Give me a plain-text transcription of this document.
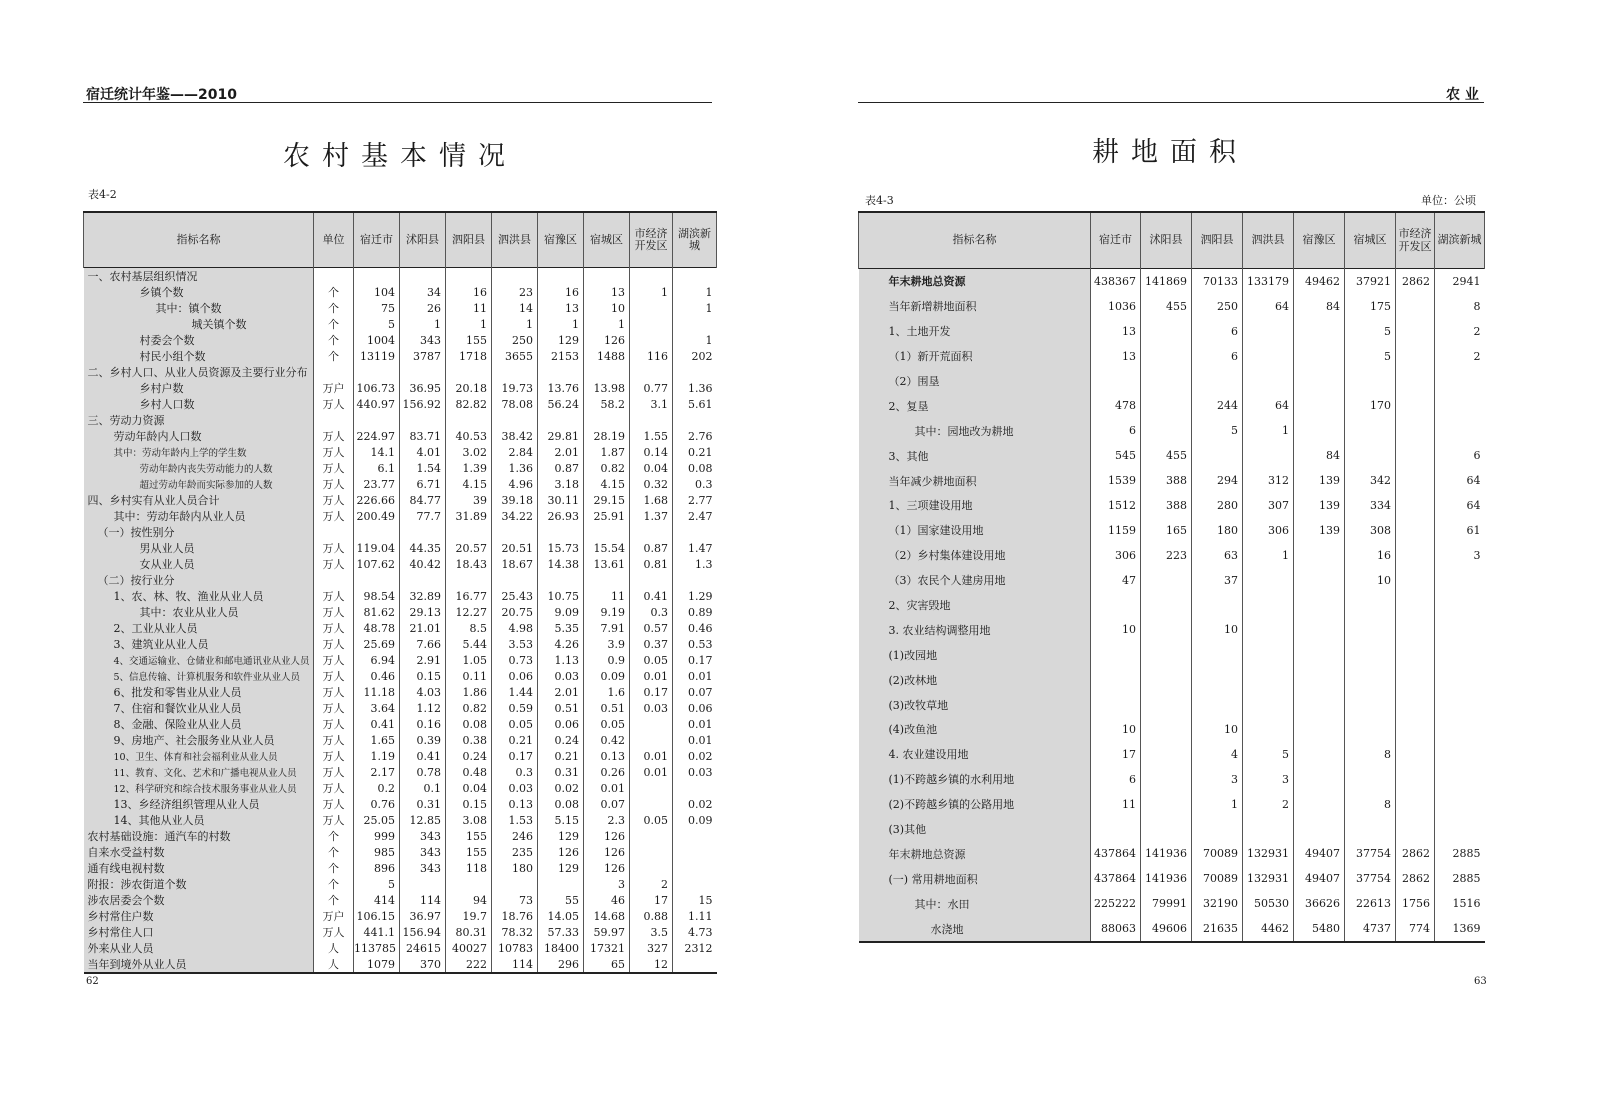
宿迁统计年鉴——2010
农村基本情况
表4-2
指标名称	单位	宿迁市	沭阳县	泗阳县	泗洪县	宿豫区	宿城区	市经济开发区	湖滨新城
一、农村基层组织情况									
乡镇个数	个	104	34	16	23	16	13	1	1
其中：镇个数	个	75	26	11	14	13	10		1
城关镇个数	个	5	1	1	1	1	1		
村委会个数	个	1004	343	155	250	129	126		1
村民小组个数	个	13119	3787	1718	3655	2153	1488	116	202
二、乡村人口、从业人员资源及主要行业分布									
乡村户数	万户	106.73	36.95	20.18	19.73	13.76	13.98	0.77	1.36
乡村人口数	万人	440.97	156.92	82.82	78.08	56.24	58.2	3.1	5.61
三、劳动力资源									
劳动年龄内人口数	万人	224.97	83.71	40.53	38.42	29.81	28.19	1.55	2.76
其中：劳动年龄内上学的学生数	万人	14.1	4.01	3.02	2.84	2.01	1.87	0.14	0.21
劳动年龄内丧失劳动能力的人数	万人	6.1	1.54	1.39	1.36	0.87	0.82	0.04	0.08
超过劳动年龄而实际参加的人数	万人	23.77	6.71	4.15	4.96	3.18	4.15	0.32	0.3
四、乡村实有从业人员合计	万人	226.66	84.77	39	39.18	30.11	29.15	1.68	2.77
其中：劳动年龄内从业人员	万人	200.49	77.7	31.89	34.22	26.93	25.91	1.37	2.47
（一）按性别分									
男从业人员	万人	119.04	44.35	20.57	20.51	15.73	15.54	0.87	1.47
女从业人员	万人	107.62	40.42	18.43	18.67	14.38	13.61	0.81	1.3
（二）按行业分									
1、农、林、牧、渔业从业人员	万人	98.54	32.89	16.77	25.43	10.75	11	0.41	1.29
其中：农业从业人员	万人	81.62	29.13	12.27	20.75	9.09	9.19	0.3	0.89
2、工业从业人员	万人	48.78	21.01	8.5	4.98	5.35	7.91	0.57	0.46
3、建筑业从业人员	万人	25.69	7.66	5.44	3.53	4.26	3.9	0.37	0.53
4、交通运输业、仓储业和邮电通讯业从业人员	万人	6.94	2.91	1.05	0.73	1.13	0.9	0.05	0.17
5、信息传输、计算机服务和软件业从业人员	万人	0.46	0.15	0.11	0.06	0.03	0.09	0.01	0.01
6、批发和零售业从业人员	万人	11.18	4.03	1.86	1.44	2.01	1.6	0.17	0.07
7、住宿和餐饮业从业人员	万人	3.64	1.12	0.82	0.59	0.51	0.51	0.03	0.06
8、金融、保险业从业人员	万人	0.41	0.16	0.08	0.05	0.06	0.05		0.01
9、房地产、社会服务业从业人员	万人	1.65	0.39	0.38	0.21	0.24	0.42		0.01
10、卫生、体育和社会福利业从业人员	万人	1.19	0.41	0.24	0.17	0.21	0.13	0.01	0.02
11、教育、文化、艺术和广播电视从业人员	万人	2.17	0.78	0.48	0.3	0.31	0.26	0.01	0.03
12、科学研究和综合技术服务事业从业人员	万人	0.2	0.1	0.04	0.03	0.02	0.01		
13、乡经济组织管理从业人员	万人	0.76	0.31	0.15	0.13	0.08	0.07		0.02
14、其他从业人员	万人	25.05	12.85	3.08	1.53	5.15	2.3	0.05	0.09
农村基础设施：通汽车的村数	个	999	343	155	246	129	126		
自来水受益村数	个	985	343	155	235	126	126		
通有线电视村数	个	896	343	118	180	129	126		
附报：涉农街道个数	个	5					3	2	
涉农居委会个数	个	414	114	94	73	55	46	17	15
乡村常住户数	万户	106.15	36.97	19.7	18.76	14.05	14.68	0.88	1.11
乡村常住人口	万人	441.1	156.94	80.31	78.32	57.33	59.97	3.5	4.73
外来从业人员	人	113785	24615	40027	10783	18400	17321	327	2312
当年到境外从业人员	人	1079	370	222	114	296	65	12	
62
农 业
耕地面积
表4-3	单位：公顷
指标名称	宿迁市	沭阳县	泗阳县	泗洪县	宿豫区	宿城区	市经济开发区	湖滨新城
年末耕地总资源	438367	141869	70133	133179	49462	37921	2862	2941
当年新增耕地面积	1036	455	250	64	84	175		8
1、土地开发	13		6			5		2
（1）新开荒面积	13		6			5		2
（2）围垦								
2、复垦	478		244	64		170		
其中：园地改为耕地	6		5	1				
3、其他	545	455			84			6
当年减少耕地面积	1539	388	294	312	139	342		64
1、三项建设用地	1512	388	280	307	139	334		64
（1）国家建设用地	1159	165	180	306	139	308		61
（2）乡村集体建设用地	306	223	63	1		16		3
（3）农民个人建房用地	47		37			10		
2、灾害毁地								
3. 农业结构调整用地	10		10					
(1)改园地								
(2)改林地								
(3)改牧草地								
(4)改鱼池	10		10					
4. 农业建设用地	17		4	5		8		
(1)不跨越乡镇的水利用地	6		3	3				
(2)不跨越乡镇的公路用地	11		1	2		8		
(3)其他								
年末耕地总资源	437864	141936	70089	132931	49407	37754	2862	2885
(一) 常用耕地面积	437864	141936	70089	132931	49407	37754	2862	2885
其中：水田	225222	79991	32190	50530	36626	22613	1756	1516
水浇地	88063	49606	21635	4462	5480	4737	774	1369
63
